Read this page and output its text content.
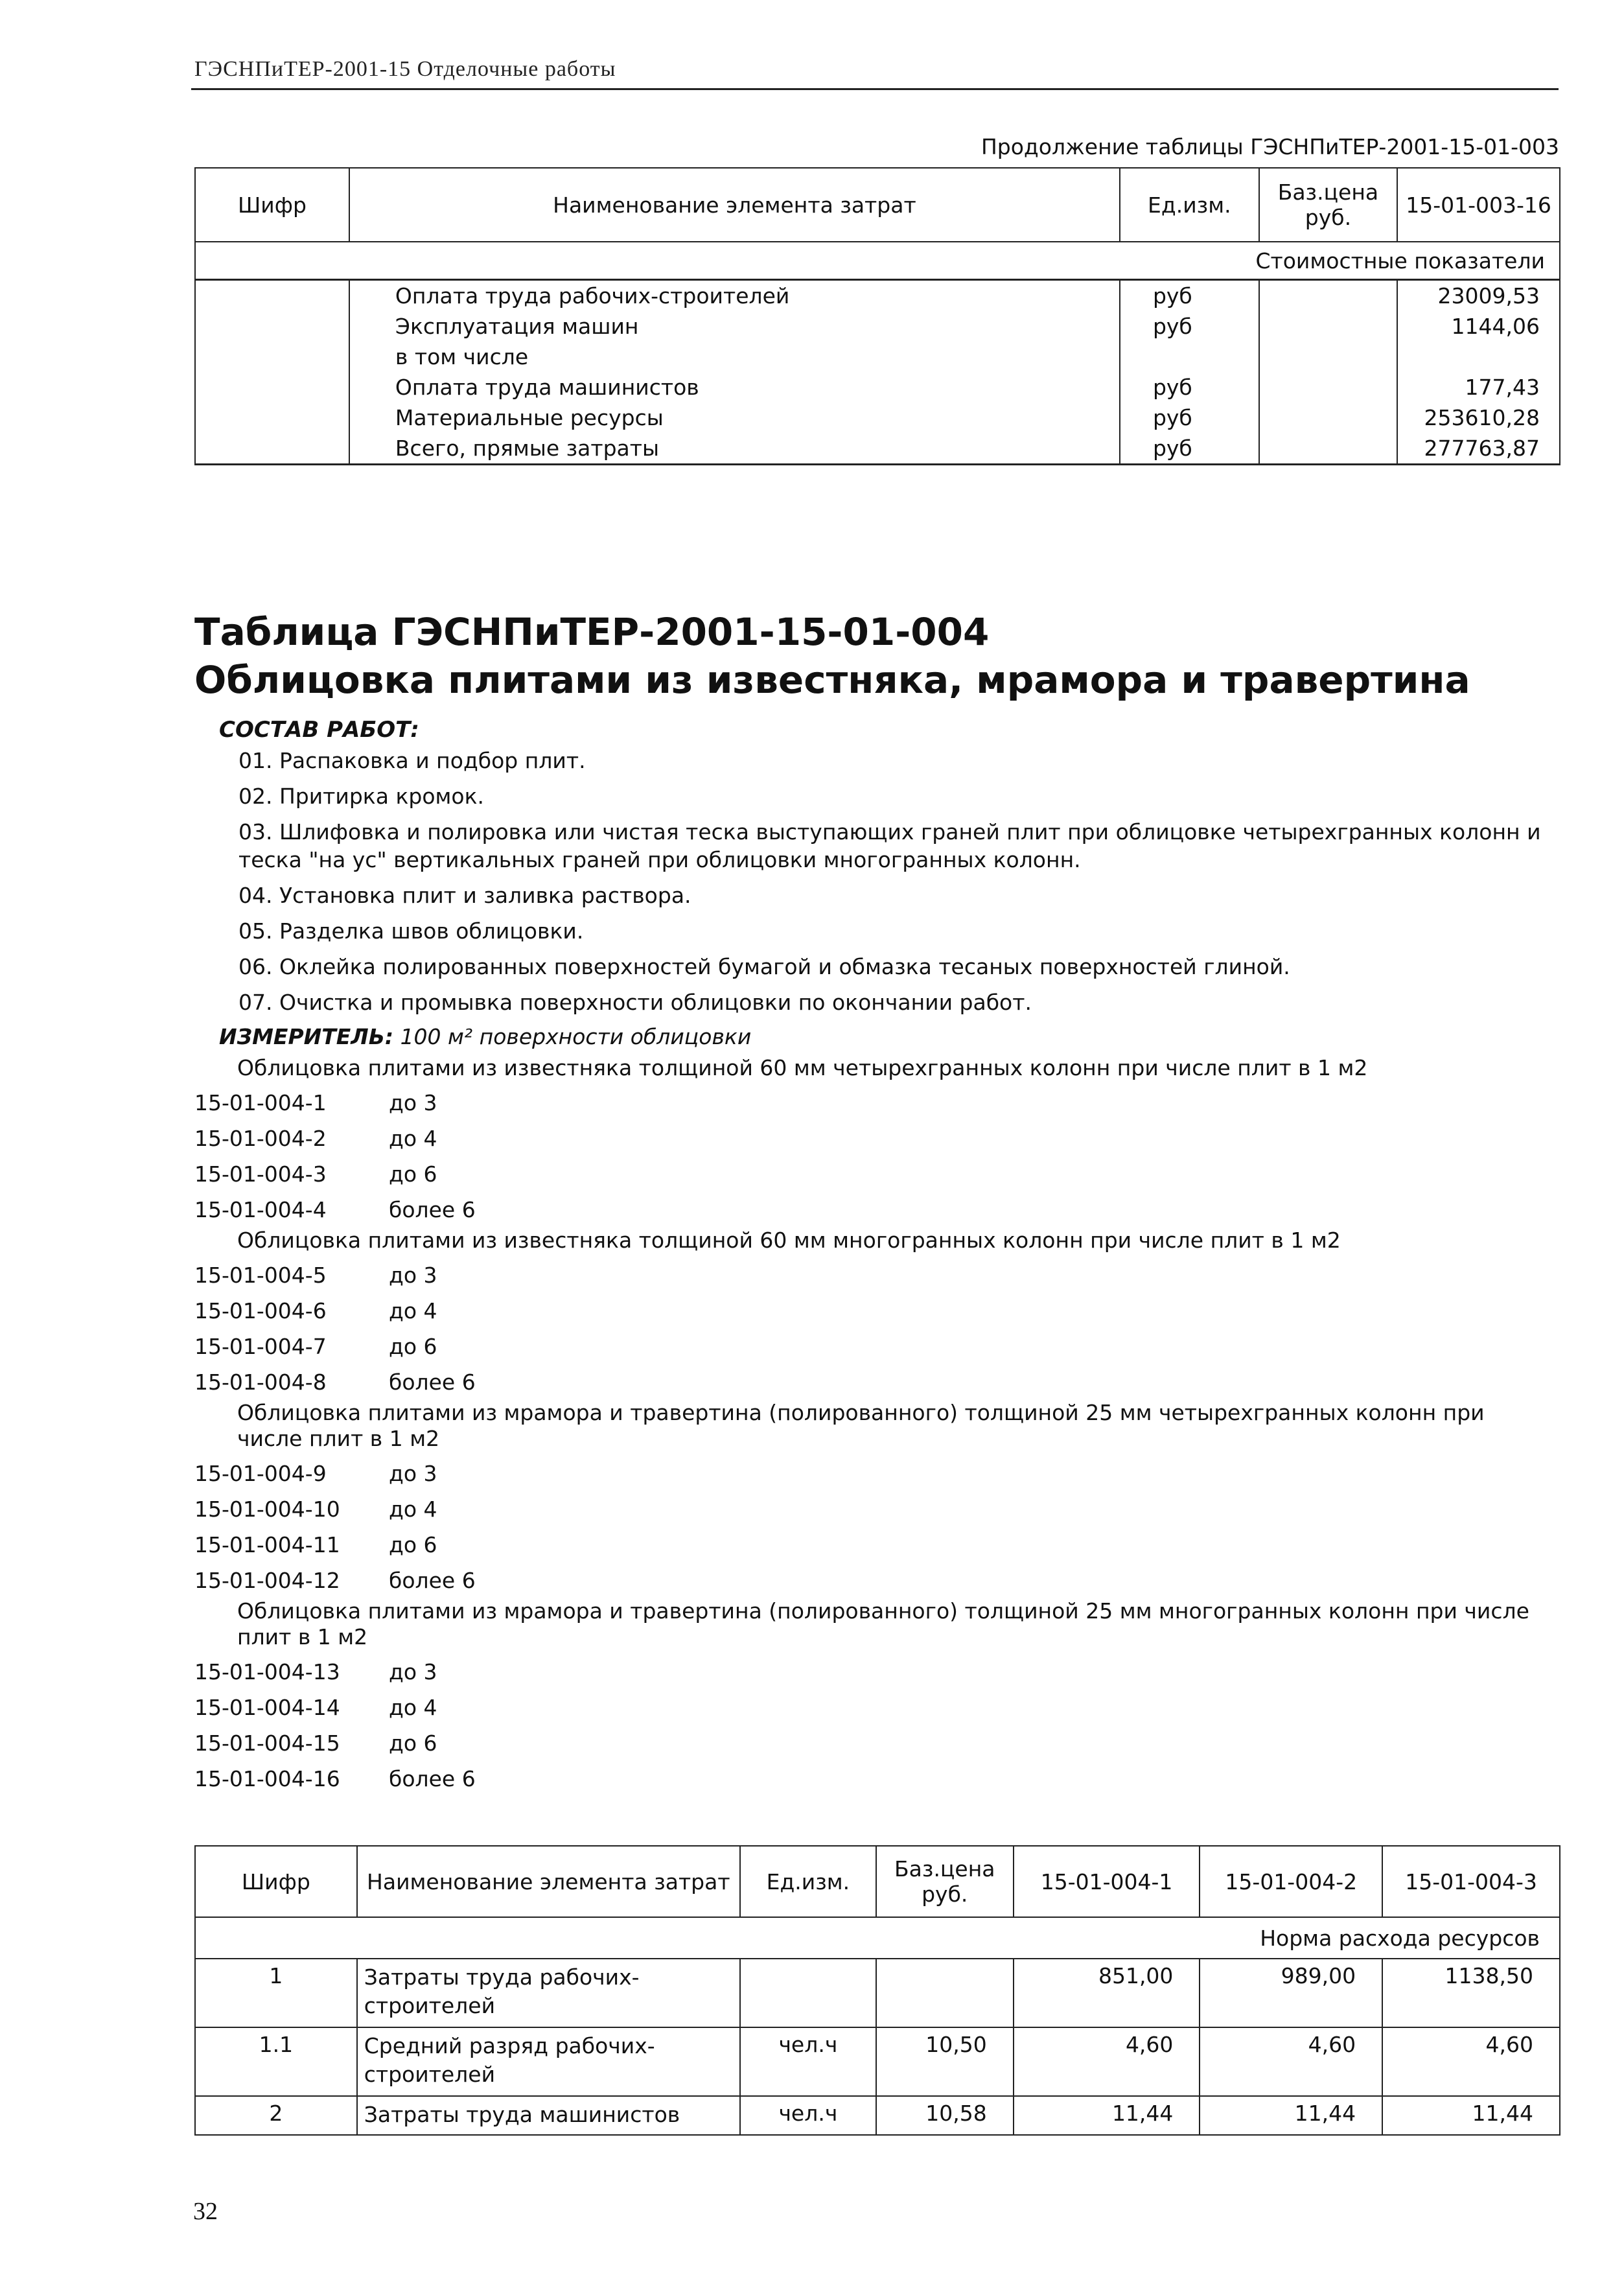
ГЭСНПиТЕР-2001-15 Отделочные работы
Продолжение таблицы ГЭСНПиТЕР-2001-15-01-003
Шифр	Наименование элемента затрат	Ед.изм.	Баз.цена руб.	15-01-003-16
Стоимостные показатели				
	Оплата труда рабочих-строителей	руб		23009,53
	Эксплуатация машин	руб		1144,06
	в том числе			
	Оплата труда машинистов	руб		177,43
	Материальные ресурсы	руб		253610,28
	Всего, прямые затраты	руб		277763,87
Таблица ГЭСНПиТЕР-2001-15-01-004
Облицовка плитами из известняка, мрамора и травертина
СОСТАВ РАБОТ:
01. Распаковка и подбор плит.
02. Притирка кромок.
03. Шлифовка и полировка или чистая теска выступающих граней плит при облицовке четырехгранных колонн и теска "на ус" вертикальных граней при облицовки многогранных колонн.
04. Установка плит и заливка раствора.
05. Разделка швов облицовки.
06. Оклейка полированных поверхностей бумагой и обмазка тесаных поверхностей глиной.
07. Очистка и промывка поверхности облицовки по окончании работ.
ИЗМЕРИТЕЛЬ: 100 м² поверхности облицовки
Облицовка плитами из известняка толщиной 60 мм четырехгранных колонн при числе плит в 1 м2
15-01-004-1	до 3
15-01-004-2	до 4
15-01-004-3	до 6
15-01-004-4	более 6
Облицовка плитами из известняка толщиной 60 мм многогранных колонн при числе плит в 1 м2
15-01-004-5	до 3
15-01-004-6	до 4
15-01-004-7	до 6
15-01-004-8	более 6
Облицовка плитами из мрамора и травертина (полированного) толщиной 25 мм четырехгранных колонн при числе плит в 1 м2
15-01-004-9	до 3
15-01-004-10 до 4
15-01-004-11 до 6
15-01-004-12 более 6
Облицовка плитами из мрамора и травертина (полированного) толщиной 25 мм многогранных колонн при числе плит в 1 м2
15-01-004-13 до 3
15-01-004-14 до 4
15-01-004-15 до 6
15-01-004-16 более 6
Шифр	Наименование элемента затрат	Ед.изм.	Баз.цена руб.	15-01-004-1	15-01-004-2	15-01-004-3
Норма расхода ресурсов						
1	Затраты труда рабочих-строителей			851,00	989,00	1138,50
1.1	Средний разряд рабочих-строителей	чел.ч	10,50	4,60	4,60	4,60
2	Затраты труда машинистов	чел.ч	10,58	11,44	11,44	11,44
32
